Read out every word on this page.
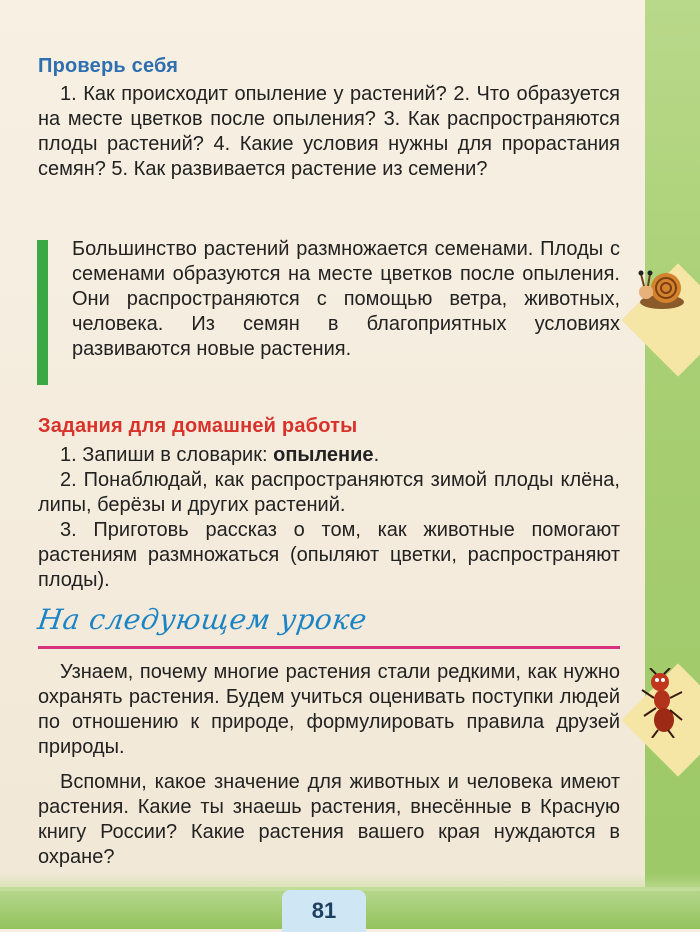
Проверь себя

1. Как происходит опыление у растений? 2. Что образуется на месте цветков после опыления? 3. Как распространяются плоды растений? 4. Какие условия нужны для прорастания семян? 5. Как развивается растение из семени?

Большинство растений размножается семенами. Плоды с семенами образуются на месте цветков после опыления. Они распространяются с помощью ветра, животных, человека. Из семян в благоприятных условиях развиваются новые растения.

Задания для домашней работы

1. Запиши в словарик: опыление.

2. Понаблюдай, как распространяются зимой плоды клёна, липы, берёзы и других растений.

3. Приготовь рассказ о том, как животные помогают растениям размножаться (опыляют цветки, распространяют плоды).

На следующем уроке

Узнаем, почему многие растения стали редкими, как нужно охранять растения. Будем учиться оценивать поступки людей по отношению к природе, формулировать правила друзей природы.

Вспомни, какое значение для животных и человека имеют растения. Какие ты знаешь растения, внесённые в Красную книгу России? Какие растения вашего края нуждаются в охране?

81
